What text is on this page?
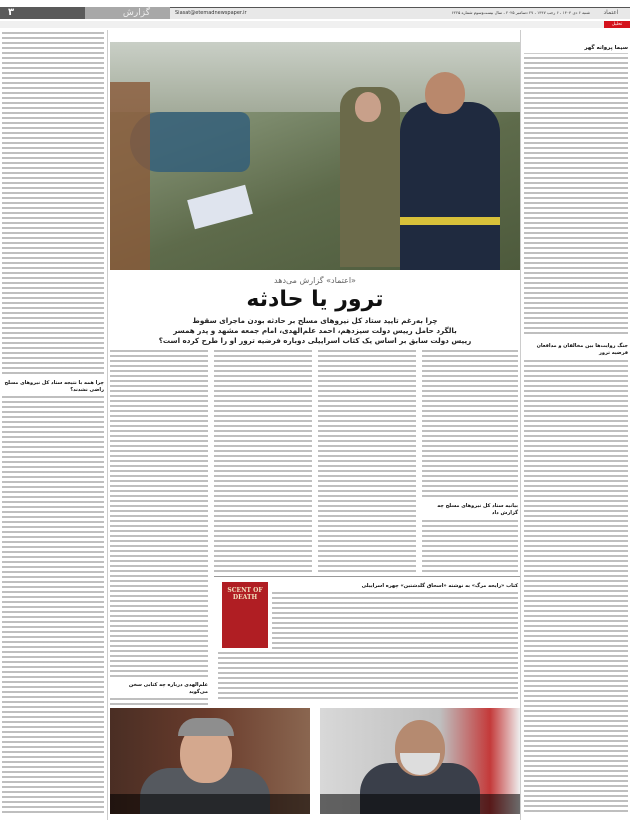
۳	گزارش	Siasat@etemadnewspaper.ir	شنبه ۶ دی ۱۴۰۴ ، ۶ رجب ۱۴۴۷ ، ۲۷ دسامبر ۲۰۲۵ ، سال بیست‌وسوم شماره ۶۲۲۵	اعتماد
تحلیل
سیما پروانه گهر
جنگ روایت‌ها بین مخالفان و مدافعان فرضیه ترور
«اعتماد» گزارش می‌دهد
ترور یا حادثه
چرا به‌رغم تایید ستاد کل نیروهای مسلح بر حادثه بودن ماجرای سقوط
بالگرد حامل رییس دولت سیزدهم، احمد علم‌الهدی، امام جمعه مشهد و پدر همسر
رییس دولت سابق بر اساس یک کتاب اسراییلی دوباره فرضیه ترور او را طرح کرده است؟
بیانیه ستاد کل نیروهای مسلح چه گزارش داد
علم‌الهدی درباره چه کتابی سخن می‌گوید
SCENT OF DEATH
کتاب «رایحه مرگ» به نوشته «اسحاق گلدشتین» چهره اسراییلی
چرا همه با نتیجه ستاد کل نیروهای مسلح راضی نشدند؟
